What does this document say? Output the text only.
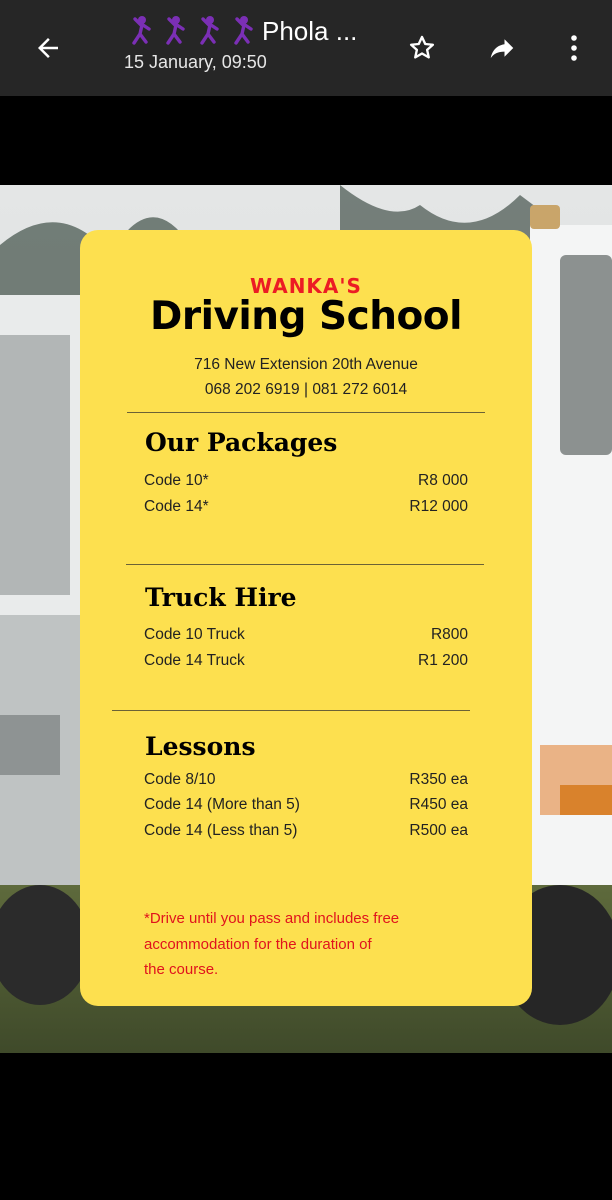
Phola ...
15 January, 09:50
WANKA'S
Driving School
716 New Extension 20th Avenue
068 202 6919 | 081 272 6014
Our Packages
Code 10*	R8 000
Code 14*	R12 000
Truck Hire
Code 10 Truck	R800
Code 14 Truck	R1 200
Lessons
Code 8/10	R350 ea
Code 14 (More than 5)	R450 ea
Code 14 (Less than 5)	R500 ea
*Drive until you pass and includes free
accommodation for the duration of
the course.
